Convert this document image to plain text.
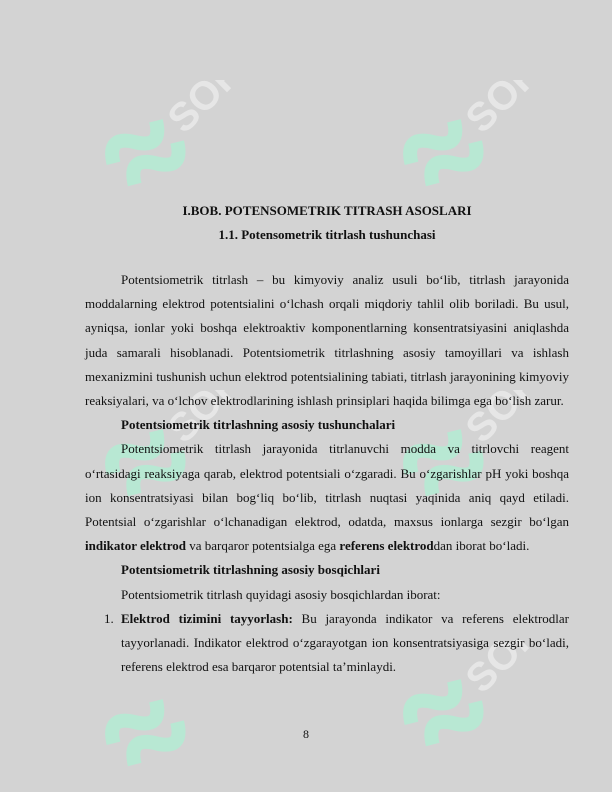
SOFF	SOFF
SOFF	SOFF
SOFF

I.BOB. POTENSOMETRIK TITRASH ASOSLARI

1.1. Potensometrik titrlash tushunchasi

Potentsiometrik titrlash – bu kimyoviy analiz usuli bo‘lib, titrlash jarayonida moddalarning elektrod potentsialini o‘lchash orqali miqdoriy tahlil olib boriladi. Bu usul, ayniqsa, ionlar yoki boshqa elektroaktiv komponentlarning konsentratsiyasini aniqlashda juda samarali hisoblanadi. Potentsiometrik titrlashning asosiy tamoyillari va ishlash mexanizmini tushunish uchun elektrod potentsialining tabiati, titrlash jarayonining kimyoviy reaksiyalari, va o‘lchov elektrodlarining ishlash prinsiplari haqida bilimga ega bo‘lish zarur.

Potentsiometrik titrlashning asosiy tushunchalari

Potentsiometrik titrlash jarayonida titrlanuvchi modda va titrlovchi reagent o‘rtasidagi reaksiyaga qarab, elektrod potentsiali o‘zgaradi. Bu o‘zgarishlar pH yoki boshqa ion konsentratsiyasi bilan bog‘liq bo‘lib, titrlash nuqtasi yaqinida aniq qayd etiladi. Potentsial o‘zgarishlar o‘lchanadigan elektrod, odatda, maxsus ionlarga sezgir bo‘lgan indikator elektrod va barqaror potentsialga ega referens elektroddan iborat bo‘ladi.

Potentsiometrik titrlashning asosiy bosqichlari

Potentsiometrik titrlash quyidagi asosiy bosqichlardan iborat:

1. Elektrod tizimini tayyorlash: Bu jarayonda indikator va referens elektrodlar tayyorlanadi. Indikator elektrod o‘zgarayotgan ion konsentratsiyasiga sezgir bo‘ladi, referens elektrod esa barqaror potentsial ta’minlaydi.

8
